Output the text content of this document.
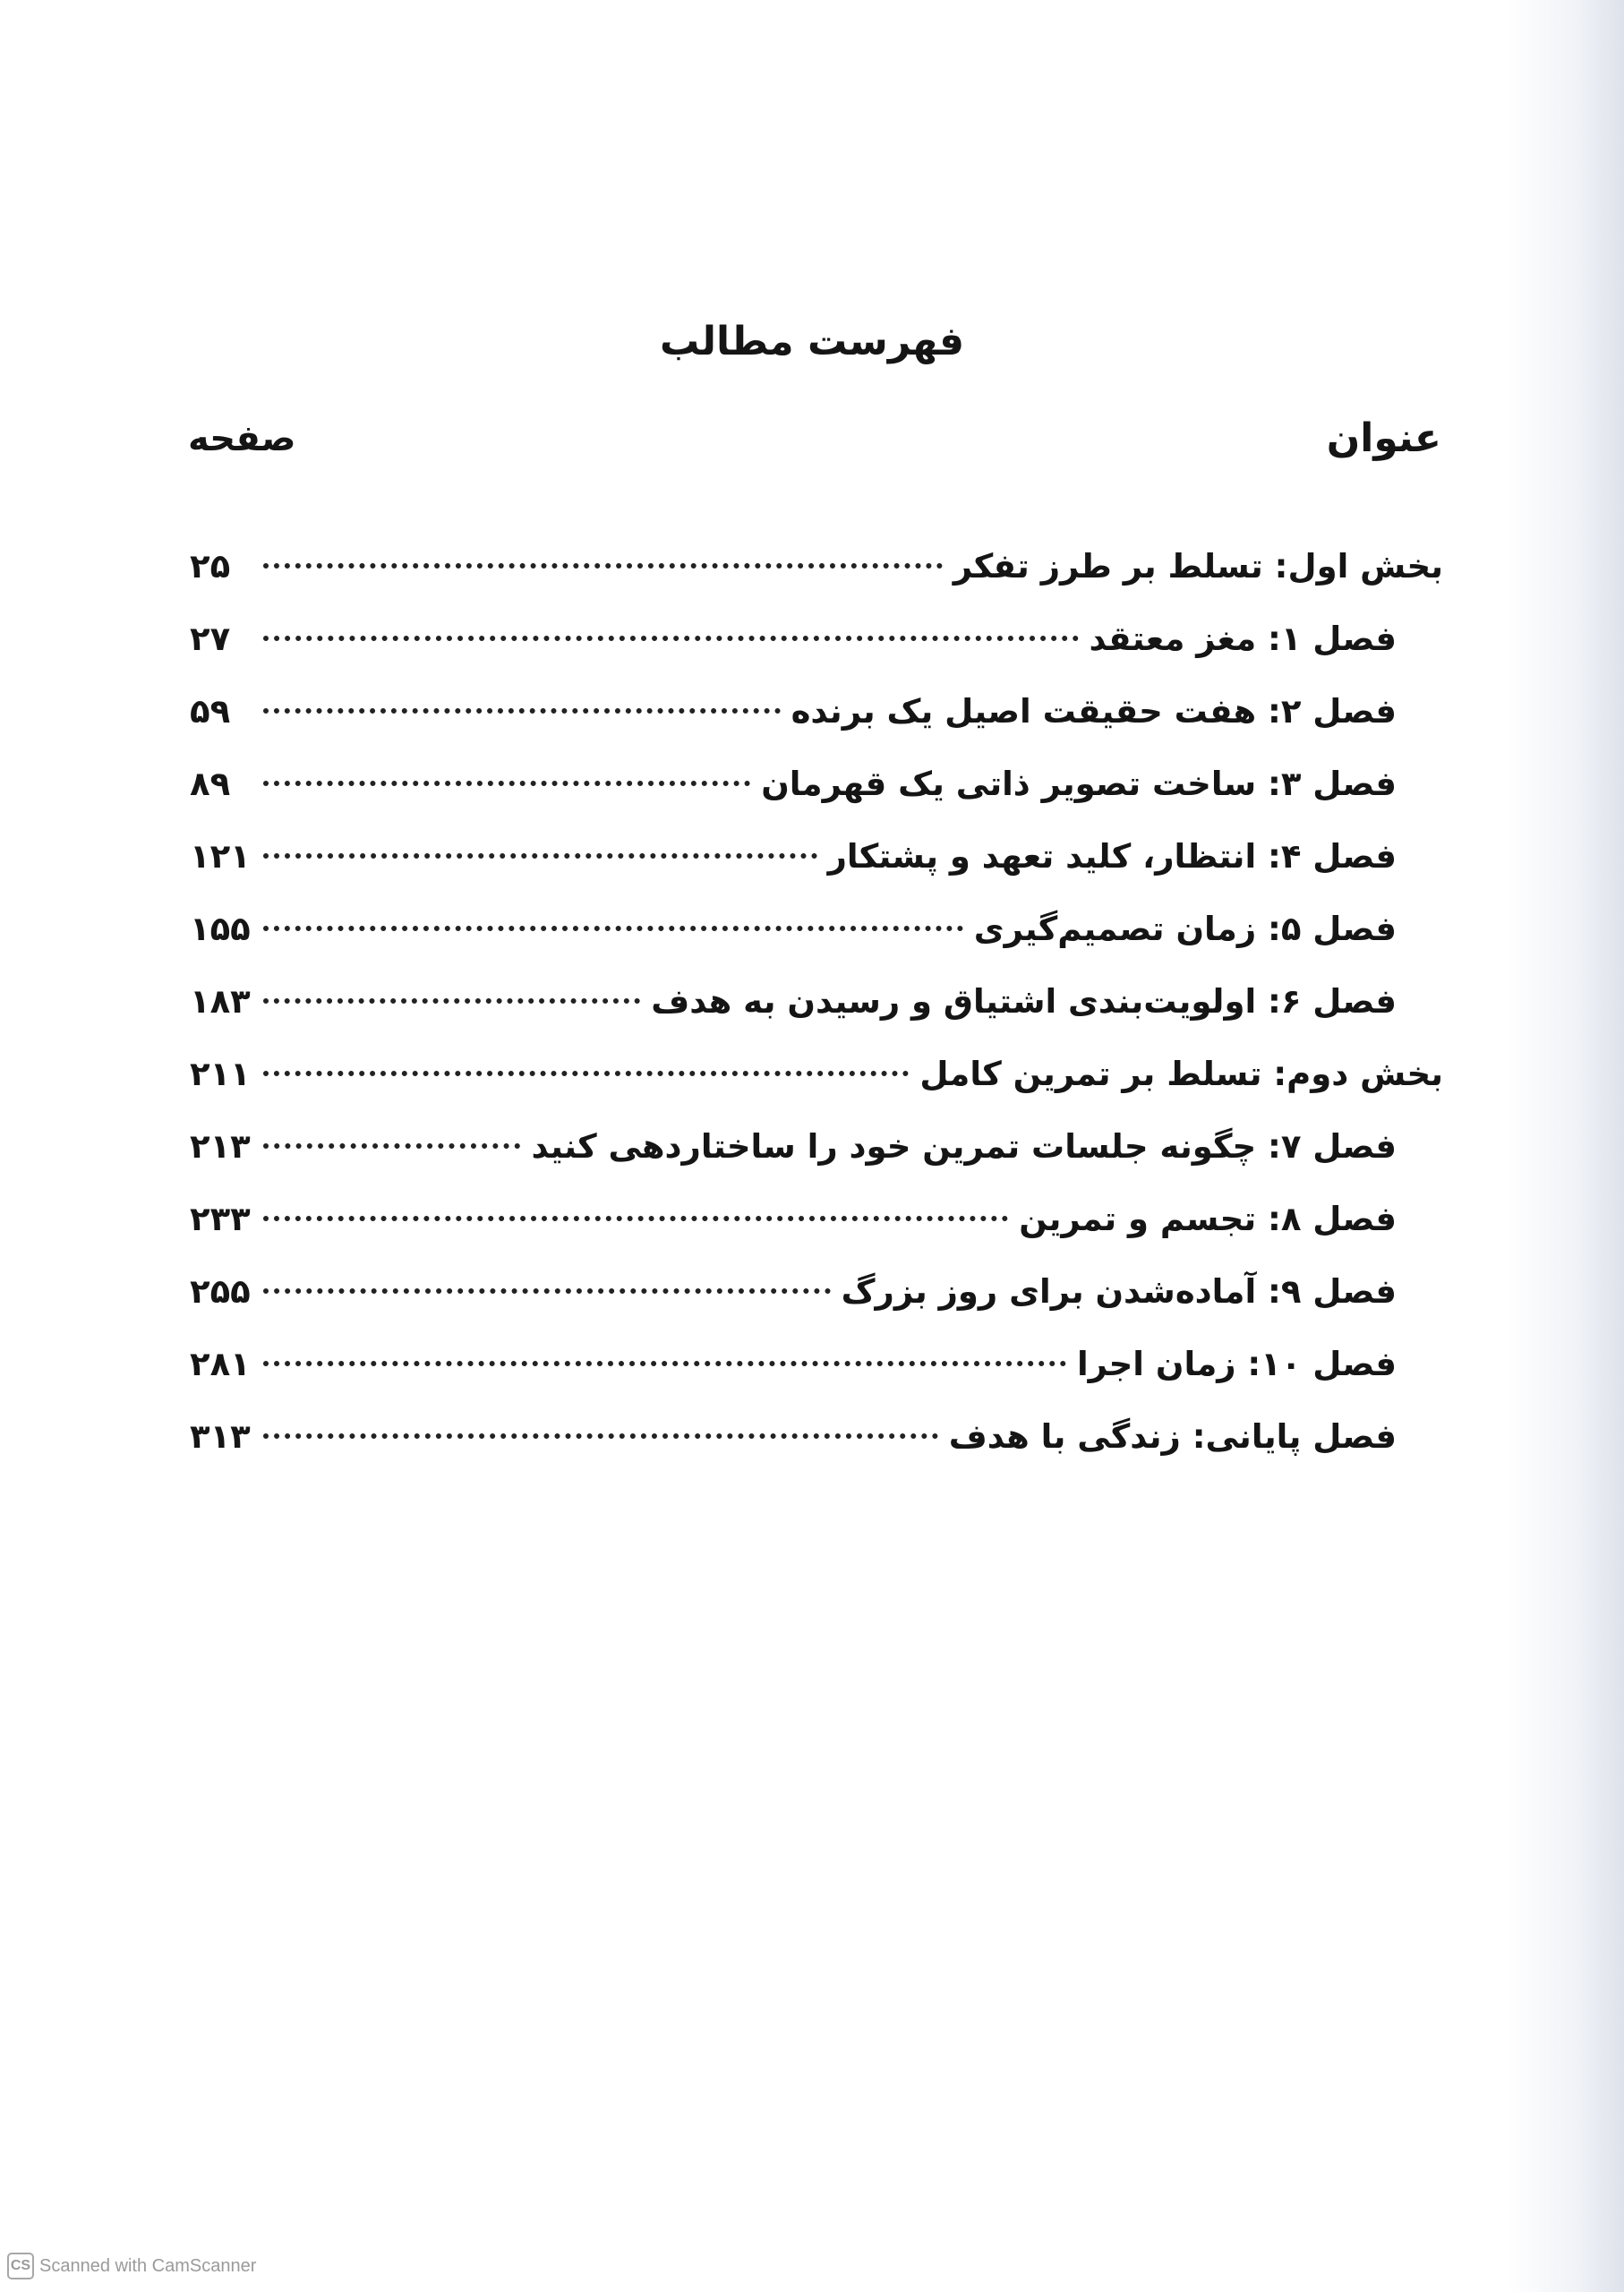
فهرست مطالب
عنوان
صفحه
بخش اول: تسلط بر طرز تفکر
۲۵
فصل ۱: مغز معتقد
۲۷
فصل ۲: هفت حقیقت اصیل یک برنده
۵۹
فصل ۳: ساخت تصویر ذاتی یک قهرمان
۸۹
فصل ۴: انتظار، کلید تعهد و پشتکار
۱۲۱
فصل ۵: زمان تصمیم‌گیری
۱۵۵
فصل ۶: اولویت‌بندی اشتیاق و رسیدن به هدف
۱۸۳
بخش دوم: تسلط بر تمرین کامل
۲۱۱
فصل ۷: چگونه جلسات تمرین خود را ساختاردهی کنید
۲۱۳
فصل ۸: تجسم و تمرین
۲۳۳
فصل ۹: آماده‌شدن برای روز بزرگ
۲۵۵
فصل ۱۰: زمان اجرا
۲۸۱
فصل پایانی: زندگی با هدف
۳۱۳
CS Scanned with CamScanner
